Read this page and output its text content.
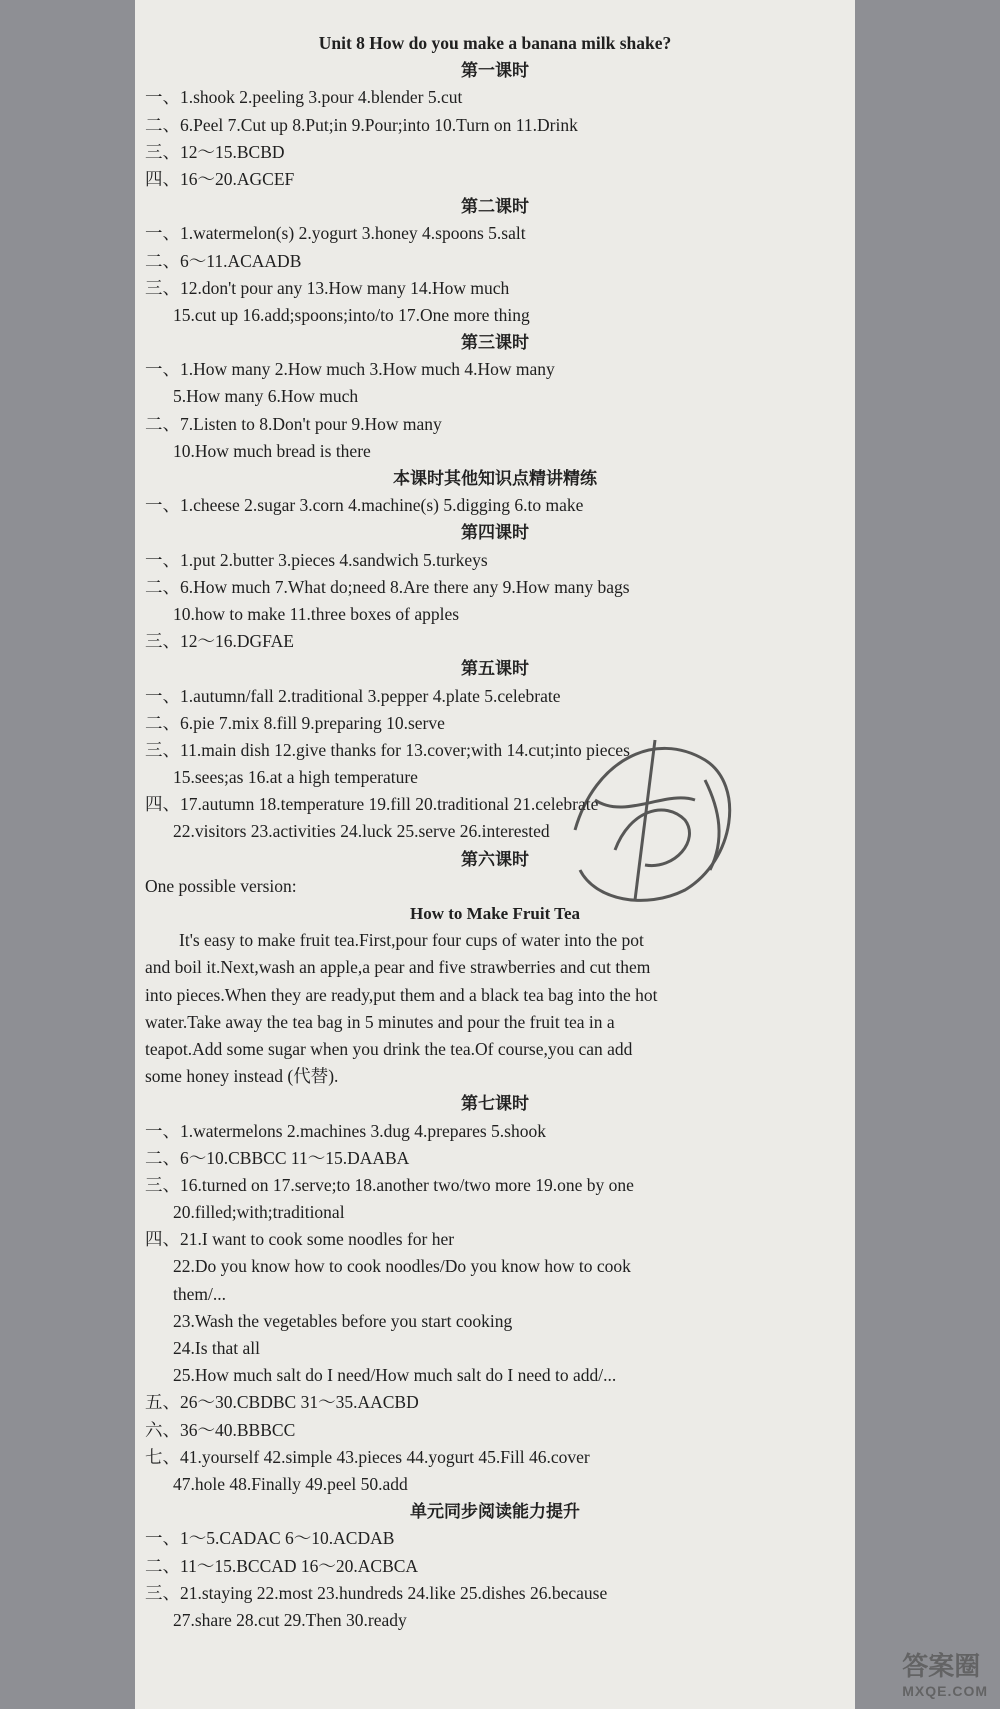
Unit 8 How do you make a banana milk shake?
第一课时
一、1.shook 2.peeling 3.pour 4.blender 5.cut
二、6.Peel 7.Cut up 8.Put;in 9.Pour;into 10.Turn on 11.Drink
三、12～15.BCBD
四、16～20.AGCEF
第二课时
一、1.watermelon(s) 2.yogurt 3.honey 4.spoons 5.salt
二、6～11.ACAADB
三、12.don't pour any 13.How many 14.How much
15.cut up 16.add;spoons;into/to 17.One more thing
第三课时
一、1.How many 2.How much 3.How much 4.How many
5.How many 6.How much
二、7.Listen to 8.Don't pour 9.How many
10.How much bread is there
本课时其他知识点精讲精练
一、1.cheese 2.sugar 3.corn 4.machine(s) 5.digging 6.to make
第四课时
一、1.put 2.butter 3.pieces 4.sandwich 5.turkeys
二、6.How much 7.What do;need 8.Are there any 9.How many bags
10.how to make 11.three boxes of apples
三、12～16.DGFAE
第五课时
一、1.autumn/fall 2.traditional 3.pepper 4.plate 5.celebrate
二、6.pie 7.mix 8.fill 9.preparing 10.serve
三、11.main dish 12.give thanks for 13.cover;with 14.cut;into pieces
15.sees;as 16.at a high temperature
四、17.autumn 18.temperature 19.fill 20.traditional 21.celebrate
22.visitors 23.activities 24.luck 25.serve 26.interested
第六课时
One possible version:
How to Make Fruit Tea
It's easy to make fruit tea.First,pour four cups of water into the pot
and boil it.Next,wash an apple,a pear and five strawberries and cut them
into pieces.When they are ready,put them and a black tea bag into the hot
water.Take away the tea bag in 5 minutes and pour the fruit tea in a
teapot.Add some sugar when you drink the tea.Of course,you can add
some honey instead (代替).
第七课时
一、1.watermelons 2.machines 3.dug 4.prepares 5.shook
二、6～10.CBBCC 11～15.DAABA
三、16.turned on 17.serve;to 18.another two/two more 19.one by one
20.filled;with;traditional
四、21.I want to cook some noodles for her
22.Do you know how to cook noodles/Do you know how to cook
them/...
23.Wash the vegetables before you start cooking
24.Is that all
25.How much salt do I need/How much salt do I need to add/...
五、26～30.CBDBC 31～35.AACBD
六、36～40.BBBCC
七、41.yourself 42.simple 43.pieces 44.yogurt 45.Fill 46.cover
47.hole 48.Finally 49.peel 50.add
单元同步阅读能力提升
一、1～5.CADAC 6～10.ACDAB
二、11～15.BCCAD 16～20.ACBCA
三、21.staying 22.most 23.hundreds 24.like 25.dishes 26.because
27.share 28.cut 29.Then 30.ready
答案圈
MXQE.COM
